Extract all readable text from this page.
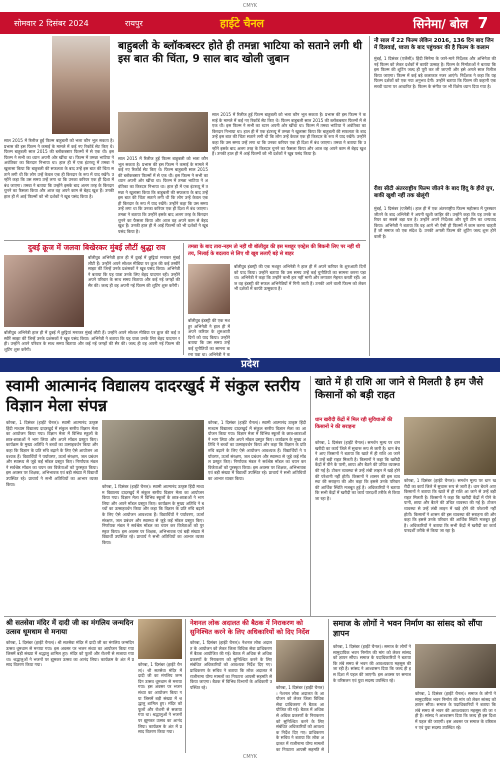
CMYK
सोमवार 2 दिसंबर 2024	रायपुर	हाईटे चैनल	सिनेमा/ बोल 7
बाहुबली के ब्लॉकबस्टर होते ही तमन्ना भाटिया को सताने लगी थी इस बात की चिंता, 9 साल बाद खोली जुबान
साल 2015 में रिलीज हुई फिल्म बाहुबली को भला कौन भूल सकता है। प्रभास की इस फिल्म ने कमाई के मामले में कई नए रिकॉर्ड सेट किए थे। फिल्म बाहुबली साल 2015 की ब्लॉकबस्टर फिल्मों में से एक थी। इस फिल्म ने सभी का ध्यान अपनी ओर खींचा था। फिल्म में तमन्ना भाटिया ने अवंतिका का किरदार निभाया था। हाल ही में एक इंटरव्यू में तमन्ना ने खुलासा किया कि बाहुबली की सफलता के बाद उन्हें इस बात की चिंता सताने लगी थी कि लोग उन्हें केवल एक ही किरदार के रूप में याद रखेंगे। उन्होंने कहा कि उस समय उन्हें लगा था कि उनका करियर एक ही दिशा में बंध जाएगा। तमन्ना ने बताया कि उन्होंने इसके बाद अलग तरह के किरदार चुनने का फैसला किया और आज वह अपने काम से बेहद खुश हैं। उनकी हाल ही में आई फिल्मों को भी दर्शकों ने खूब पसंद किया है।
साल 2015 में रिलीज हुई फिल्म बाहुबली को भला कौन भूल सकता है। प्रभास की इस फिल्म ने कमाई के मामले में कई नए रिकॉर्ड सेट किए थे। फिल्म बाहुबली साल 2015 की ब्लॉकबस्टर फिल्मों में से एक थी। इस फिल्म ने सभी का ध्यान अपनी ओर खींचा था। फिल्म में तमन्ना भाटिया ने अवंतिका का किरदार निभाया था। हाल ही में एक इंटरव्यू में तमन्ना ने खुलासा किया कि बाहुबली की सफलता के बाद उन्हें इस बात की चिंता सताने लगी थी कि लोग उन्हें केवल एक ही किरदार के रूप में याद रखेंगे। उन्होंने कहा कि उस समय उन्हें लगा था कि उनका करियर एक ही दिशा में बंध जाएगा। तमन्ना ने बताया कि उन्होंने इसके बाद अलग तरह के किरदार चुनने का फैसला किया और आज वह अपने काम से बेहद खुश हैं। उनकी हाल ही में आई फिल्मों को भी दर्शकों ने खूब पसंद किया है।
साल 2015 में रिलीज हुई फिल्म बाहुबली को भला कौन भूल सकता है। प्रभास की इस फिल्म ने कमाई के मामले में कई नए रिकॉर्ड सेट किए थे। फिल्म बाहुबली साल 2015 की ब्लॉकबस्टर फिल्मों में से एक थी। इस फिल्म ने सभी का ध्यान अपनी ओर खींचा था। फिल्म में तमन्ना भाटिया ने अवंतिका का किरदार निभाया था। हाल ही में एक इंटरव्यू में तमन्ना ने खुलासा किया कि बाहुबली की सफलता के बाद उन्हें इस बात की चिंता सताने लगी थी कि लोग उन्हें केवल एक ही किरदार के रूप में याद रखेंगे। उन्होंने कहा कि उस समय उन्हें लगा था कि उनका करियर एक ही दिशा में बंध जाएगा। तमन्ना ने बताया कि उन्होंने इसके बाद अलग तरह के किरदार चुनने का फैसला किया और आज वह अपने काम से बेहद खुश हैं। उनकी हाल ही में आई फिल्मों को भी दर्शकों ने खूब पसंद किया है।
नौ साल में 22 फिल्म लेकिन 2016, 136 दिन बाद जिन में दिलवाई, ध्वजा के बाद पहुंचकर की है फिल्म के कलाम
मुंबई, 1 दिसंबर (एजेंसी)। हिंदी सिनेमा के जाने-माने निर्देशक और अभिनेता की नई फिल्म को लेकर दर्शकों में काफी उत्साह है। फिल्म के निर्माताओं ने बताया कि इस फिल्म की शूटिंग जल्द ही पूरी कर ली जाएगी और इसे अगले साल रिलीज किया जाएगा। फिल्म में कई बड़े कलाकार नजर आएंगे। निर्देशक ने कहा कि यह फिल्म दर्शकों को एक नया अनुभव देगी। उन्होंने बताया कि फिल्म की कहानी एक सच्ची घटना पर आधारित है। फिल्म के संगीत पर भी विशेष ध्यान दिया गया है।
रीवा सीटी अंतरराष्ट्रीय फिल्म जीतने के बाद हिंदू के हीरो ग्रुप, बाकी खुशी नहीं तक खेलूंगी
मुंबई, 1 दिसंबर (एजेंसी)। हाल ही में एक अंतरराष्ट्रीय फिल्म महोत्सव में पुरस्कार जीतने के बाद अभिनेत्री ने अपनी खुशी जाहिर की। उन्होंने कहा कि यह उनके करियर का सबसे बड़ा पल है। उन्होंने अपने निर्देशक और पूरी टीम का धन्यवाद किया। अभिनेत्री ने बताया कि वह आगे भी ऐसी ही फिल्मों में काम करना चाहती हैं जो समाज को एक संदेश दें। उनकी अगली फिल्म की शूटिंग जल्द शुरू होने वाली है।
दुबई क्रूज में जलवा बिखेरकर मुंबई लौटीं श्रुद्धा राव
बॉलीवुड अभिनेत्री हाल ही में दुबई में छुट्टियां मनाकर मुंबई लौटी हैं। उन्होंने अपने सोशल मीडिया पर क्रूज की कई तस्वीरें साझा कीं जिन्हें उनके प्रशंसकों ने खूब पसंद किया। अभिनेत्री ने बताया कि यह यात्रा उनके लिए बेहद यादगार रही। उन्होंने अपने परिवार के साथ समय बिताया और कई नई जगहों की सैर की। जल्द ही वह अपनी नई फिल्म की शूटिंग शुरू करेंगी।
बॉलीवुड अभिनेत्री हाल ही में दुबई में छुट्टियां मनाकर मुंबई लौटी हैं। उन्होंने अपने सोशल मीडिया पर क्रूज की कई तस्वीरें साझा कीं जिन्हें उनके प्रशंसकों ने खूब पसंद किया। अभिनेत्री ने बताया कि यह यात्रा उनके लिए बेहद यादगार रही। उन्होंने अपने परिवार के साथ समय बिताया और कई नई जगहों की सैर की। जल्द ही वह अपनी नई फिल्म की शूटिंग शुरू करेंगी।
तमन्ना के बाद तारा-नहम तो नहीं थी बॉलीवुड की इस मशहूर एक्ट्रेस की बिकनी लिए पर नहीं थी तय, निलाई के बदलाव से लिए थी खूब ललाएँ बड़े से बाहर
बॉलीवुड इंडस्ट्री की एक मशहूर अभिनेत्री ने हाल ही में अपने करियर के शुरुआती दिनों को याद किया। उन्होंने बताया कि उस समय उन्हें कई चुनौतियों का सामना करना पड़ा था। अभिनेत्री ने कहा कि उन्होंने कभी हार नहीं मानी और लगातार मेहनत करती रहीं। आज वह इंडस्ट्री की सफल अभिनेत्रियों में गिनी जाती हैं। उनकी आने वाली फिल्म को लेकर भी दर्शकों में काफी उत्सुकता है।
बॉलीवुड इंडस्ट्री की एक मशहूर अभिनेत्री ने हाल ही में अपने करियर के शुरुआती दिनों को याद किया। उन्होंने बताया कि उस समय उन्हें कई चुनौतियों का सामना करना पड़ा था। अभिनेत्री ने क
प्रदेश
स्वामी आत्मानंद विद्यालय दादरखुर्द में संकुल स्तरीय विज्ञान मेला संपन्न
कोरबा, 1 दिसंबर (हाईटे चैनल)। स्वामी आत्मानंद उत्कृष्ट हिंदी माध्यम विद्यालय दादरखुर्द में संकुल स्तरीय विज्ञान मेला का आयोजन किया गया। विज्ञान मेला में विभिन्न स्कूलों के छात्र-छात्राओं ने भाग लिया और अपने मॉडल प्रस्तुत किए। कार्यक्रम के मुख्य अतिथि ने बच्चों का उत्साहवर्धन किया और कहा कि विज्ञान के प्रति रुचि बढ़ाने के लिए ऐसे आयोजन आवश्यक हैं। विद्यार्थियों ने पर्यावरण, ऊर्जा संरक्षण, जल प्रबंधन और स्वास्थ्य से जुड़े कई मॉडल प्रस्तुत किए। निर्णायक मंडल ने सर्वश्रेष्ठ मॉडल का चयन कर विजेताओं को पुरस्कृत किया। इस अवसर पर शिक्षक, अभिभावक एवं बड़ी संख्या में विद्यार्थी उपस्थित रहे। प्राचार्य ने सभी अतिथियों का आभार व्यक्त किया।	कोरबा, 1 दिसंबर (हाईटे चैनल)। स्वामी आत्मानंद उत्कृष्ट हिंदी माध्यम विद्यालय दादरखुर्द में संकुल स्तरीय विज्ञान मेला का आयोजन किया गया। विज्ञान मेला में विभिन्न स्कूलों के छात्र-छात्राओं ने भाग लिया और अपने मॉडल प्रस्तुत किए। कार्यक्रम के मुख्य अतिथि ने बच्चों का उत्साहवर्धन किया और कहा कि विज्ञान के प्रति रुचि बढ़ाने के लिए ऐसे आयोजन आवश्यक हैं। विद्यार्थियों ने पर्यावरण, ऊर्जा संरक्षण, जल प्रबंधन और स्वास्थ्य से जुड़े कई मॉडल प्रस्तुत किए। निर्णायक मंडल ने सर्वश्रेष्ठ मॉडल का चयन कर विजेताओं को पुरस्कृत किया। इस अवसर पर शिक्षक, अभिभावक एवं बड़ी संख्या में विद्यार्थी उपस्थित रहे। प्राचार्य ने सभी अतिथियों का आभार व्यक्त किया।
कोरबा, 1 दिसंबर (हाईटे चैनल)। स्वामी आत्मानंद उत्कृष्ट हिंदी माध्यम विद्यालय दादरखुर्द में संकुल स्तरीय विज्ञान मेला का आयोजन किया गया। विज्ञान मेला में विभिन्न स्कूलों के छात्र-छात्राओं ने भाग लिया और अपने मॉडल प्रस्तुत किए। कार्यक्रम के मुख्य अतिथि ने बच्चों का उत्साहवर्धन किया और कहा कि विज्ञान के प्रति रुचि बढ़ाने के लिए ऐसे आयोजन आवश्यक हैं। विद्यार्थियों ने पर्यावरण, ऊर्जा संरक्षण, जल प्रबंधन और स्वास्थ्य से जुड़े कई मॉडल प्रस्तुत किए। निर्णायक मंडल ने सर्वश्रेष्ठ मॉडल का चयन कर विजेताओं को पुरस्कृत किया। इस अवसर पर शिक्षक, अभिभावक एवं बड़ी संख्या में विद्यार्थी उपस्थित रहे। प्राचार्य ने सभी अतिथियों का आभार व्यक्त किया।
खाते में ही राशि आ जाने से मिलती है हम जैसे किसानों को बड़ी राहत
धान खरीदी केंद्रों में मिल रही सुविधाओं की किसानों ने की सराहना
कोरबा, 1 दिसंबर (हाईटे चैनल)। समर्थन मूल्य पर धान खरीदी का कार्य जिले में सुचारू रूप से जारी है। धान बेचने आए किसानों ने बताया कि खाते में ही राशि आ जाने से उन्हें बड़ी राहत मिलती है। किसानों ने कहा कि खरीदी केंद्रों में पीने के पानी, छाया और बैठने की उचित व्यवस्था की गई है। टोकन व्यवस्था से उन्हें लंबी लाइन में खड़े होने की परेशानी नहीं होती। किसानों ने शासन की इस व्यवस्था की सराहना की और कहा कि इससे उनके परिवार की आर्थिक स्थिति मजबूत हुई है। अधिकारियों ने बताया कि सभी केंद्रों में खरीदी का कार्य पारदर्शी तरीके से किया जा रहा है।
कोरबा, 1 दिसंबर (हाईटे चैनल)। समर्थन मूल्य पर धान खरीदी का कार्य जिले में सुचारू रूप से जारी है। धान बेचने आए किसानों ने बताया कि खाते में ही राशि आ जाने से उन्हें बड़ी राहत मिलती है। किसानों ने कहा कि खरीदी केंद्रों में पीने के पानी, छाया और बैठने की उचित व्यवस्था की गई है। टोकन व्यवस्था से उन्हें लंबी लाइन में खड़े होने की परेशानी नहीं होती। किसानों ने शासन की इस व्यवस्था की सराहना की और कहा कि इससे उनके परिवार की आर्थिक स्थिति मजबूत हुई है। अधिकारियों ने बताया कि सभी केंद्रों में खरीदी का कार्य पारदर्शी तरीके से किया जा रहा है।
श्री सतसेवा मंदिर में दादी जी का मंगलिय जन्मदिन उत्सव धूमधाम से मनाया
कोरबा, 1 दिसंबर (हाईटे चैनल)। श्री सतसेवा मंदिर में दादी जी का मंगलिय जन्मदिन उत्सव धूमधाम से मनाया गया। इस अवसर पर भजन संध्या का आयोजन किया गया जिसमें बड़ी संख्या में श्रद्धालु शामिल हुए। मंदिर को फूलों और रोशनी से सजाया गया था। श्रद्धालुओं ने भजनों पर झूमकर उत्सव का आनंद लिया। कार्यक्रम के अंत में प्रसाद वितरण किया गया।	कोरबा, 1 दिसंबर (हाईटे चैनल)। श्री सतसेवा मंदिर में दादी जी का मंगलिय जन्मदिन उत्सव धूमधाम से मनाया गया। इस अवसर पर भजन संध्या का आयोजन किया गया जिसमें बड़ी संख्या में श्रद्धालु शामिल हुए। मंदिर को फूलों और रोशनी से सजाया गया था। श्रद्धालुओं ने भजनों पर झूमकर उत्सव का आनंद लिया। कार्यक्रम के अंत में प्रसाद वितरण किया गया।
नेशनल लोक अदालत की बैठक में निराकरण को सुनिश्चित करने के लिए अधिकारियों को दिए निर्देश
कोरबा, 1 दिसंबर (हाईटे चैनल)। नेशनल लोक अदालत के आयोजन को लेकर जिला विधिक सेवा प्राधिकरण में बैठक आयोजित की गई। बैठक में अधिक से अधिक प्रकरणों के निराकरण को सुनिश्चित करने के लिए संबंधित अधिकारियों को आवश्यक निर्देश दिए गए। प्राधिकरण के सचिव ने बताया कि लोक अदालत में राजीनामा योग्य मामलों का निपटारा आपसी सहमति से किया जाएगा। बैठक में विभिन्न विभागों के अधिकारी उपस्थित रहे।	कोरबा, 1 दिसंबर (हाईटे चैनल)। नेशनल लोक अदालत के आयोजन को लेकर जिला विधिक सेवा प्राधिकरण में बैठक आयोजित की गई। बैठक में अधिक से अधिक प्रकरणों के निराकरण को सुनिश्चित करने के लिए संबंधित अधिकारियों को आवश्यक निर्देश दिए गए। प्राधिकरण के सचिव ने बताया कि लोक अदालत में राजीनामा योग्य मामलों का निपटारा आपसी सहमति से
समाज के लोगों ने भवन निर्माण का सांसद को सौंपा ज्ञापन
कोरबा, 1 दिसंबर (हाईटे चैनल)। समाज के लोगों ने सामुदायिक भवन निर्माण की मांग को लेकर सांसद को ज्ञापन सौंपा। समाज के पदाधिकारियों ने बताया कि लंबे समय से भवन की आवश्यकता महसूस की जा रही है। सांसद ने आश्वासन दिया कि जल्द ही इस दिशा में पहल की जाएगी। इस अवसर पर समाज के वरिष्ठजन एवं युवा सदस्य उपस्थित रहे।
कोरबा, 1 दिसंबर (हाईटे चैनल)। समाज के लोगों ने सामुदायिक भवन निर्माण की मांग को लेकर सांसद को ज्ञापन सौंपा। समाज के पदाधिकारियों ने बताया कि लंबे समय से भवन की आवश्यकता महसूस की जा रही है। सांसद ने आश्वासन दिया कि जल्द ही इस दिशा में पहल की जाएगी। इस अवसर पर समाज के वरिष्ठजन एवं युवा सदस्य उपस्थित रहे।
CMYK
